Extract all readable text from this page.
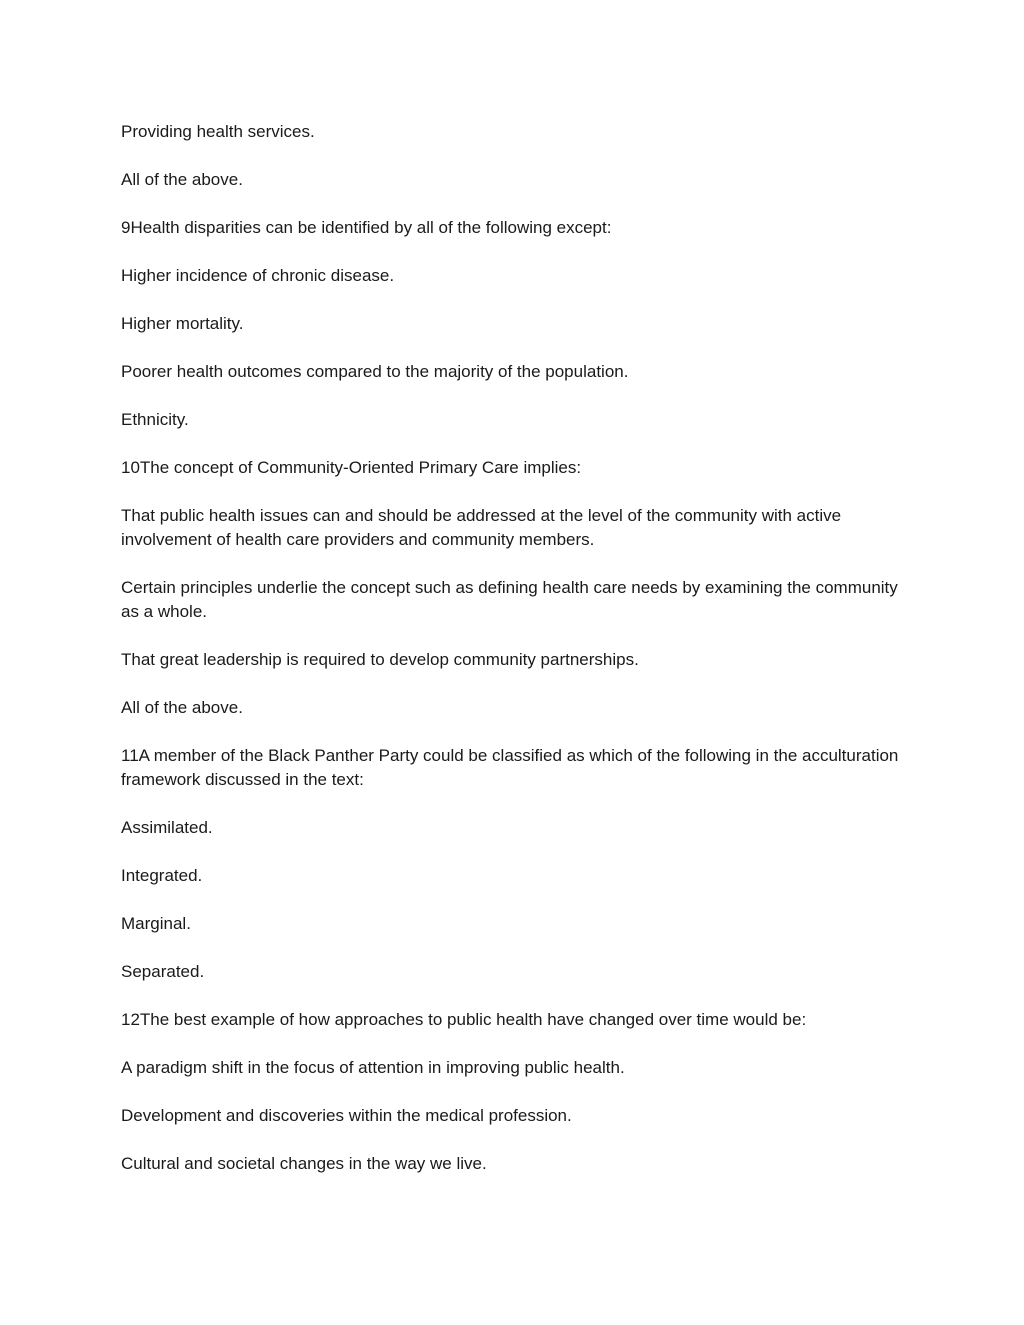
Providing health services.

All of the above.

9Health disparities can be identified by all of the following except:

Higher incidence of chronic disease.

Higher mortality.

Poorer health outcomes compared to the majority of the population.

Ethnicity.

10The concept of Community-Oriented Primary Care implies:

That public health issues can and should be addressed at the level of the community with active involvement of health care providers and community members.

Certain principles underlie the concept such as defining health care needs by examining the community as a whole.

That great leadership is required to develop community partnerships.

All of the above.

11A member of the Black Panther Party could be classified as which of the following in the acculturation framework discussed in the text:

Assimilated.

Integrated.

Marginal.

Separated.

12The best example of how approaches to public health have changed over time would be:

A paradigm shift in the focus of attention in improving public health.

Development and discoveries within the medical profession.

Cultural and societal changes in the way we live.
